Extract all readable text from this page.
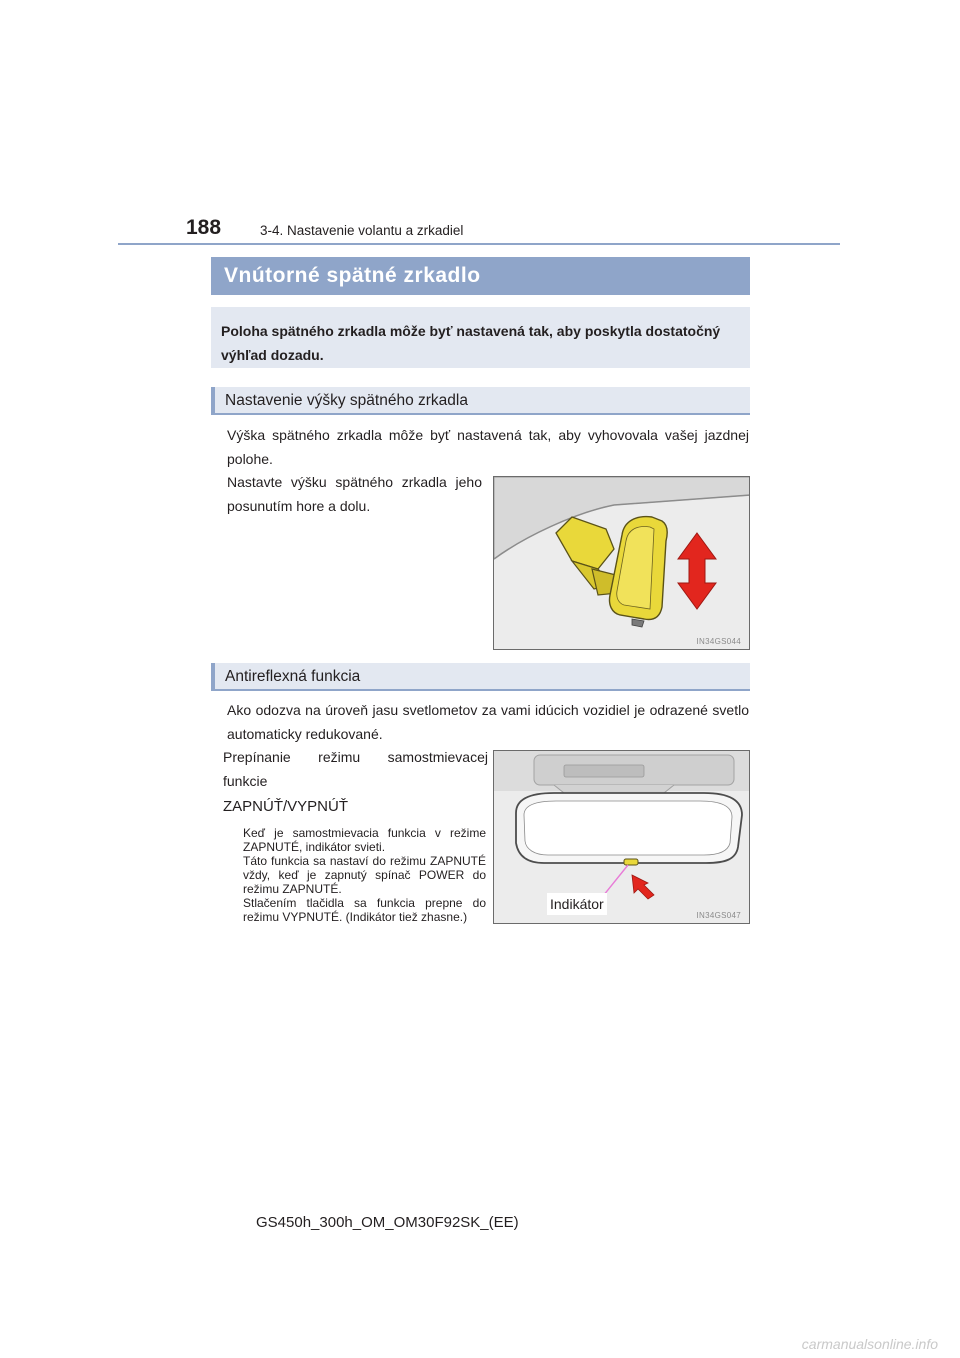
188	3-4. Nastavenie volantu a zrkadiel
Vnútorné spätné zrkadlo
Poloha spätného zrkadla môže byť nastavená tak, aby poskytla dostatočný výhľad dozadu.
Nastavenie výšky spätného zrkadla
Výška spätného zrkadla môže byť nastavená tak, aby vyhovovala vašej jazdnej polohe.
Nastavte výšku spätného zrkadla jeho posunutím hore a dolu.
IN34GS044
Antireflexná funkcia
Ako odozva na úroveň jasu svetlometov za vami idúcich vozidiel je odrazené svetlo automaticky redukované.
Prepínanie režimu samostmievacej funkcie
ZAPNÚŤ/VYPNÚŤ
Keď je samostmievacia funkcia v režime ZAPNUTÉ, indikátor svieti.
Táto funkcia sa nastaví do režimu ZAPNUTÉ vždy, keď je zapnutý spínač POWER do režimu ZAPNUTÉ.
Stlačením tlačidla sa funkcia prepne do režimu VYPNUTÉ. (Indikátor tiež zhasne.)
Indikátor
IN34GS047
GS450h_300h_OM_OM30F92SK_(EE)
carmanualsonline.info
